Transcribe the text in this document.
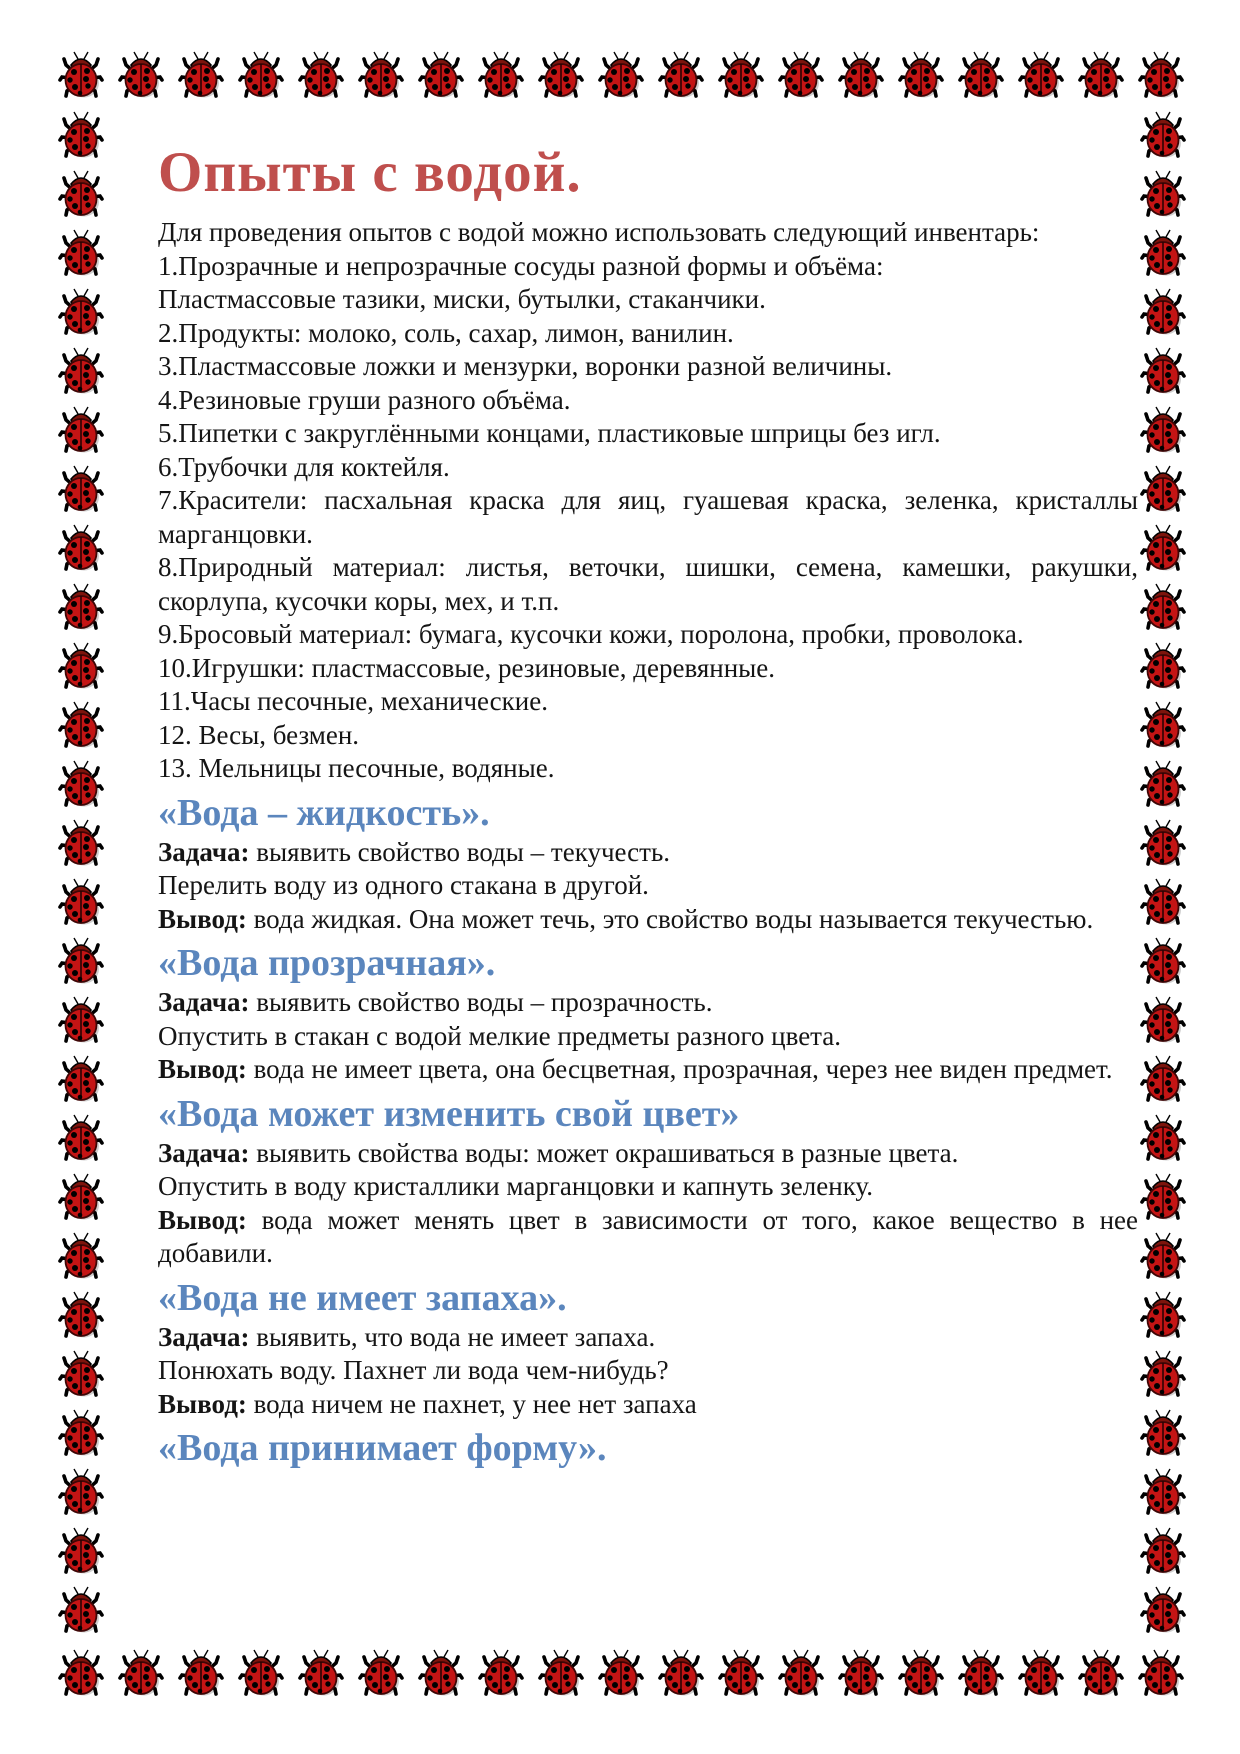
Опыты с водой.

Для проведения опытов с водой можно использовать следующий инвентарь:

1.Прозрачные и непрозрачные сосуды разной формы и объёма:

Пластмассовые тазики, миски, бутылки, стаканчики.

2.Продукты: молоко, соль, сахар, лимон, ванилин.

3.Пластмассовые ложки и мензурки, воронки разной величины.

4.Резиновые груши разного объёма.

5.Пипетки с закруглёнными концами, пластиковые шприцы без игл.

6.Трубочки для коктейля.

7.Красители: пасхальная краска для яиц, гуашевая краска, зеленка, кристаллы марганцовки.

8.Природный материал: листья, веточки, шишки, семена, камешки, ракушки, скорлупа, кусочки коры, мех, и т.п.

9.Бросовый материал: бумага, кусочки кожи, поролона, пробки, проволока.

10.Игрушки: пластмассовые, резиновые, деревянные.

11.Часы песочные, механические.

12. Весы, безмен.

13. Мельницы песочные, водяные.

«Вода – жидкость».

Задача: выявить свойство воды – текучесть.

Перелить воду из одного стакана в другой.

Вывод: вода жидкая. Она может течь, это свойство воды называется текучестью.

«Вода прозрачная».

Задача: выявить свойство воды – прозрачность.

Опустить в стакан с водой мелкие предметы разного цвета.

Вывод: вода не имеет цвета, она бесцветная, прозрачная, через нее виден предмет.

«Вода может изменить свой цвет»

Задача: выявить свойства воды: может окрашиваться в разные цвета.

Опустить в воду кристаллики марганцовки и капнуть зеленку.

Вывод: вода может менять цвет в зависимости от того, какое вещество в нее добавили.

«Вода не имеет запаха».

Задача: выявить, что вода не имеет запаха.

Понюхать воду. Пахнет ли вода чем-нибудь?

Вывод: вода ничем не пахнет, у нее нет запаха

«Вода принимает форму».
